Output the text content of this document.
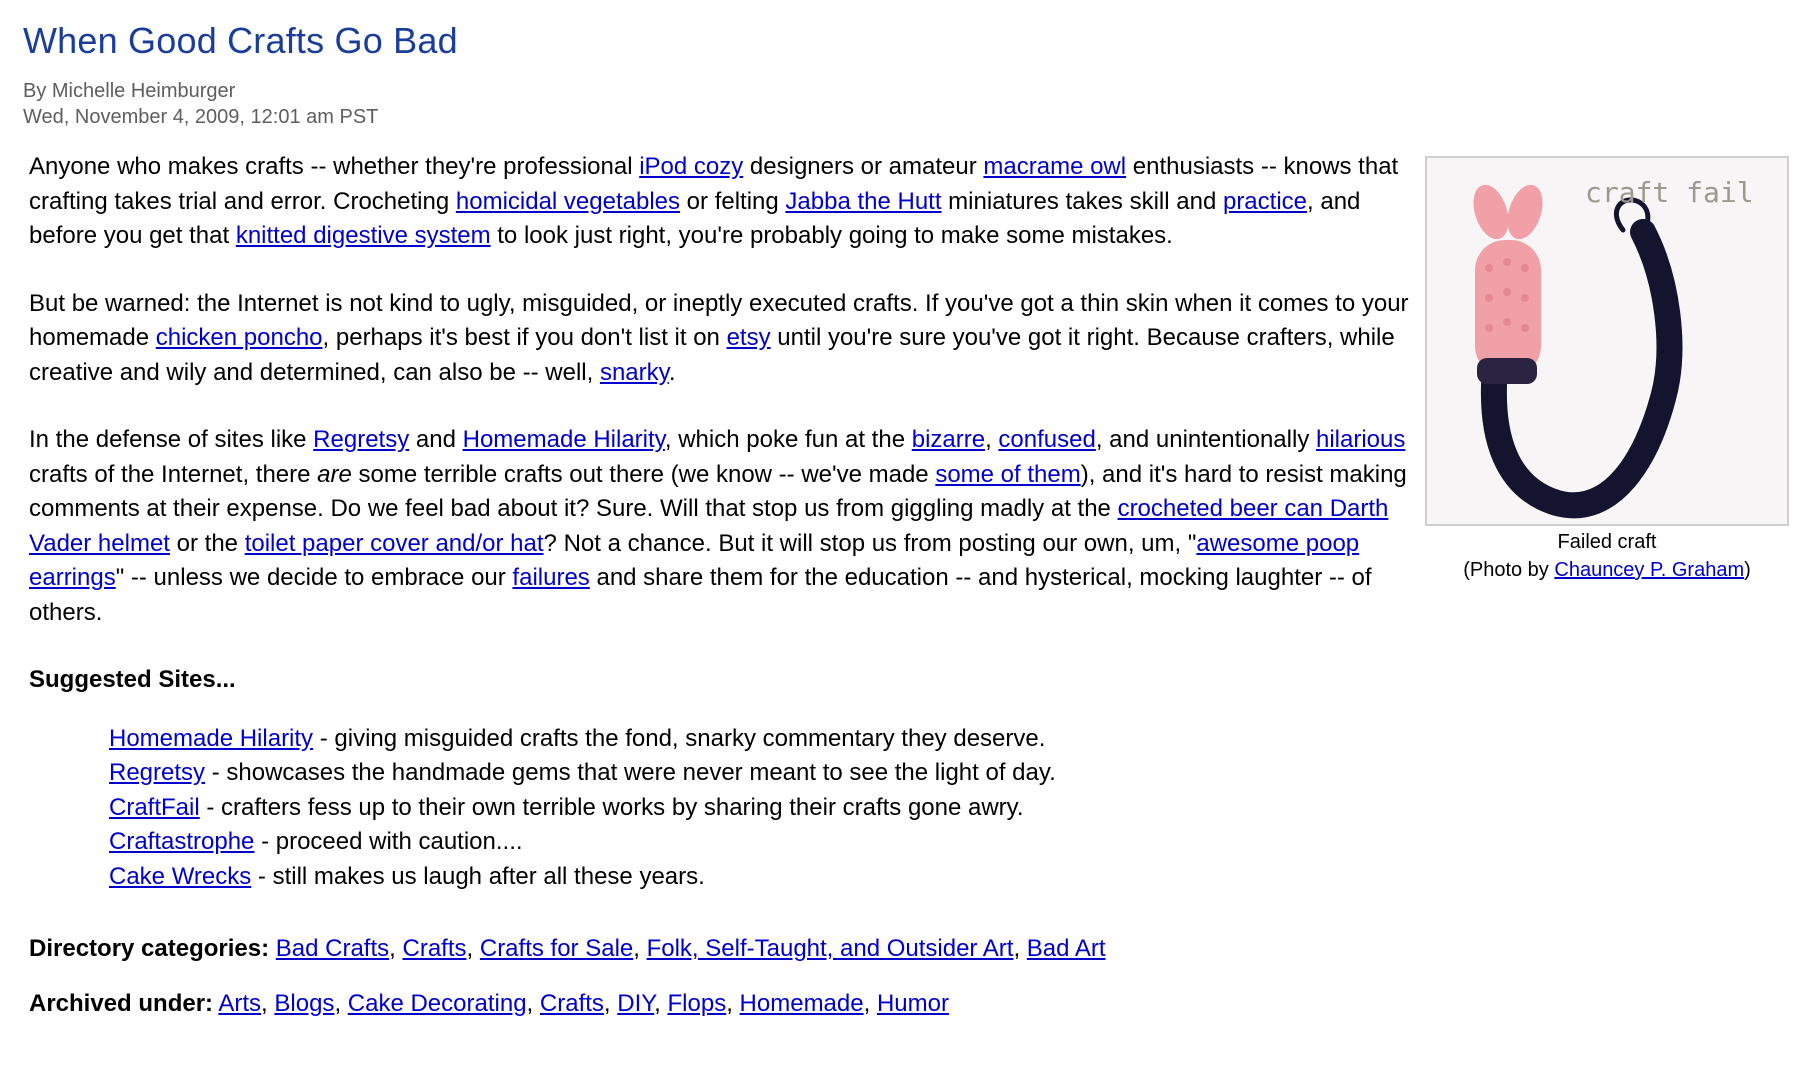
When Good Crafts Go Bad
By Michelle Heimburger
Wed, November 4, 2009, 12:01 am PST
craft fail
Failed craft
(Photo by Chauncey P. Graham)

Anyone who makes crafts -- whether they're professional iPod cozy designers or amateur macrame owl enthusiasts -- knows that crafting takes trial and error. Crocheting homicidal vegetables or felting Jabba the Hutt miniatures takes skill and practice, and before you get that knitted digestive system to look just right, you're probably going to make some mistakes.

But be warned: the Internet is not kind to ugly, misguided, or ineptly executed crafts. If you've got a thin skin when it comes to your homemade chicken poncho, perhaps it's best if you don't list it on etsy until you're sure you've got it right. Because crafters, while creative and wily and determined, can also be -- well, snarky.

In the defense of sites like Regretsy and Homemade Hilarity, which poke fun at the bizarre, confused, and unintentionally hilarious crafts of the Internet, there are some terrible crafts out there (we know -- we've made some of them), and it's hard to resist making comments at their expense. Do we feel bad about it? Sure. Will that stop us from giggling madly at the crocheted beer can Darth Vader helmet or the toilet paper cover and/or hat? Not a chance. But it will stop us from posting our own, um, "awesome poop earrings" -- unless we decide to embrace our failures and share them for the education -- and hysterical, mocking laughter -- of others.

Suggested Sites...
Homemade Hilarity - giving misguided crafts the fond, snarky commentary they deserve.
Regretsy - showcases the handmade gems that were never meant to see the light of day.
CraftFail - crafters fess up to their own terrible works by sharing their crafts gone awry.
Craftastrophe - proceed with caution....
Cake Wrecks - still makes us laugh after all these years.
Directory categories: Bad Crafts, Crafts, Crafts for Sale, Folk, Self-Taught, and Outsider Art, Bad Art
Archived under: Arts, Blogs, Cake Decorating, Crafts, DIY, Flops, Homemade, Humor
